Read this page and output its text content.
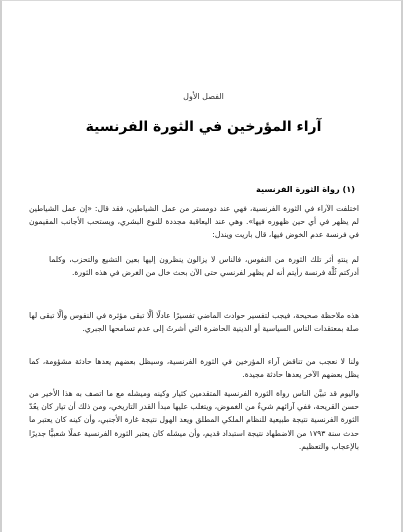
الفصل الأول
آراء المؤرخين في الثورة الفرنسية
(١) رواة الثورة الفرنسية

اختلفت الآراء في الثورة الفرنسية، فهي عند دومستر من عمل الشياطين، فقد قال: «إن عمل الشياطين لم يظهر في أي حين ظهوره فيها». وهي عند اليعاقبة مجددة للنوع البشري، ويستحب الأجانب المقيمون في فرنسة عدم الخوض فيها، قال باريت ويندل:

لم ينتهِ أثر تلك الثورة من النفوس، فالناس لا يزالون ينظرون إليها بعين التشيع والتحزب، وكلما أدركتم ثُلَّة فرنسة رأيتم أنه لم يظهر لفرنسي حتى الآن بحث خال من الغرض في هذه الثورة.

هذه ملاحظة صحيحة، فيجب لتفسير حوادث الماضي تفسيرًا عادلًا ألَّا تبقى مؤثرة في النفوس وألَّا تبقى لها صلة بمعتقدات الناس السياسية أو الدينية الحاضرة التي أشرتُ إلى عدم تسامحها الجبري.

ولنا لا نعجب من تناقض آراء المؤرخين في الثورة الفرنسية، وسيظل بعضهم يعدها حادثة مشؤومة، كما يظل بعضهم الآخر يعدها حادثة مجيدة.

واليوم قد تبيَّن الناس رواة الثورة الفرنسية المتقدمين كثيار وكينه وميشله مع ما اتصف به هذا الأخير من حسن القريحة، ففي آرائهم شيءٌ من الغموض، ويتغلب عليها مبدأ القدر التاريخي، ومن ذلك أن تيار كان يعُدّ الثورة الفرنسية نتيجة طبيعية للنظام الملكي المطلق ويعد الهول نتيجة غارة الأجنبي، وأن كينه كان يعتبر ما حدث سنة ١٧٩٣ من الاضطهاد نتيجة استبداد قديم، وأن ميشله كان يعتبر الثورة الفرنسية عملًا شعبيًّا جديرًا بالإعجاب والتعظيم.
